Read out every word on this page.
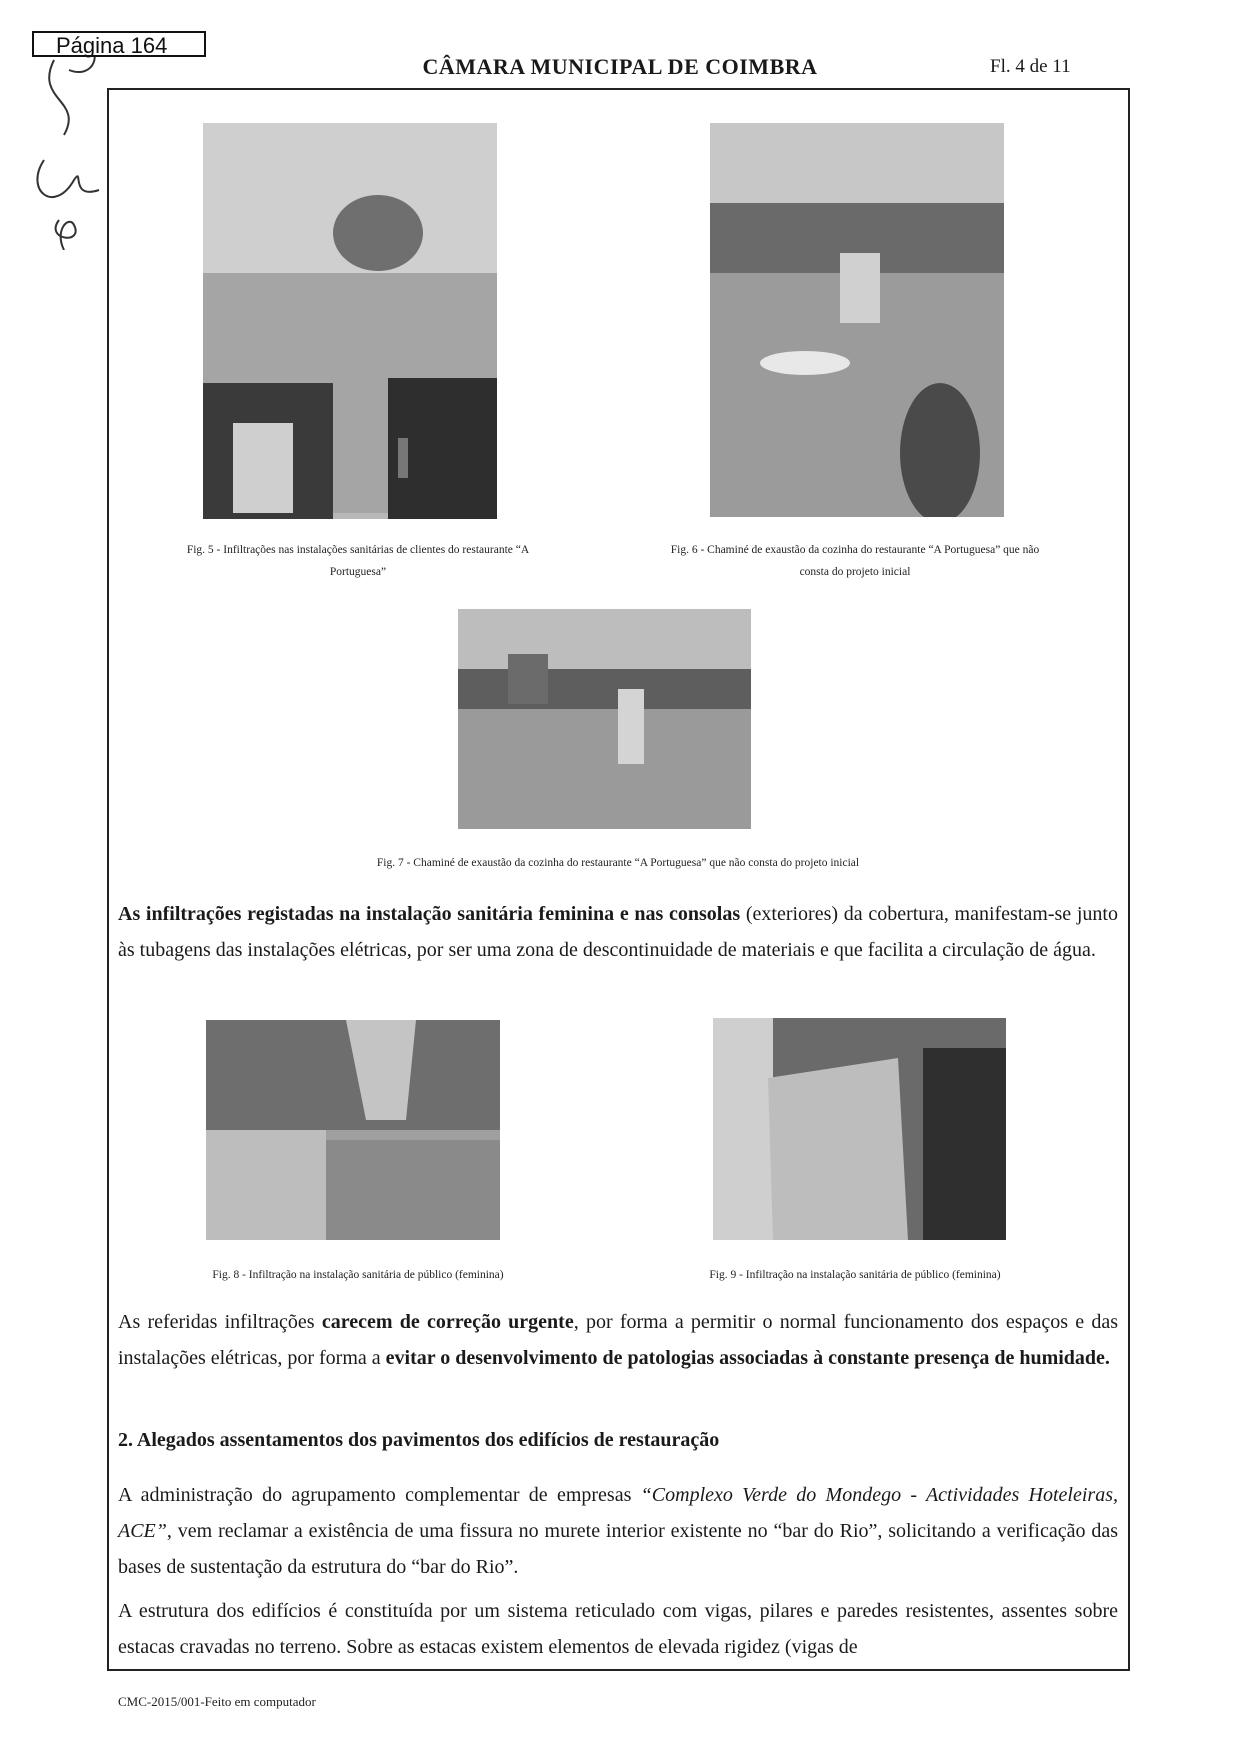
Página 164
CÂMARA MUNICIPAL DE COIMBRA	Fl. 4 de 11
Fig. 5 - Infiltrações nas instalações sanitárias de clientes do restaurante “A
Portuguesa”
Fig. 6 - Chaminé de exaustão da cozinha do restaurante “A Portuguesa” que não
consta do projeto inicial
Fig. 7 - Chaminé de exaustão da cozinha do restaurante “A Portuguesa” que não consta do projeto inicial
As infiltrações registadas na instalação sanitária feminina e nas consolas (exteriores) da cobertura, manifestam-se junto às tubagens das instalações elétricas, por ser uma zona de descontinuidade de materiais e que facilita a circulação de água.
Fig. 8 - Infiltração na instalação sanitária de público (feminina)	Fig. 9 - Infiltração na instalação sanitária de público (feminina)
As referidas infiltrações carecem de correção urgente, por forma a permitir o normal funcionamento dos espaços e das instalações elétricas, por forma a evitar o desenvolvimento de patologias associadas à constante presença de humidade.
2. Alegados assentamentos dos pavimentos dos edifícios de restauração
A administração do agrupamento complementar de empresas “Complexo Verde do Mondego - Actividades Hoteleiras, ACE”, vem reclamar a existência de uma fissura no murete interior existente no “bar do Rio”, solicitando a verificação das bases de sustentação da estrutura do “bar do Rio”.
A estrutura dos edifícios é constituída por um sistema reticulado com vigas, pilares e paredes resistentes, assentes sobre estacas cravadas no terreno. Sobre as estacas existem elementos de elevada rigidez (vigas de
CMC-2015/001-Feito em computador
